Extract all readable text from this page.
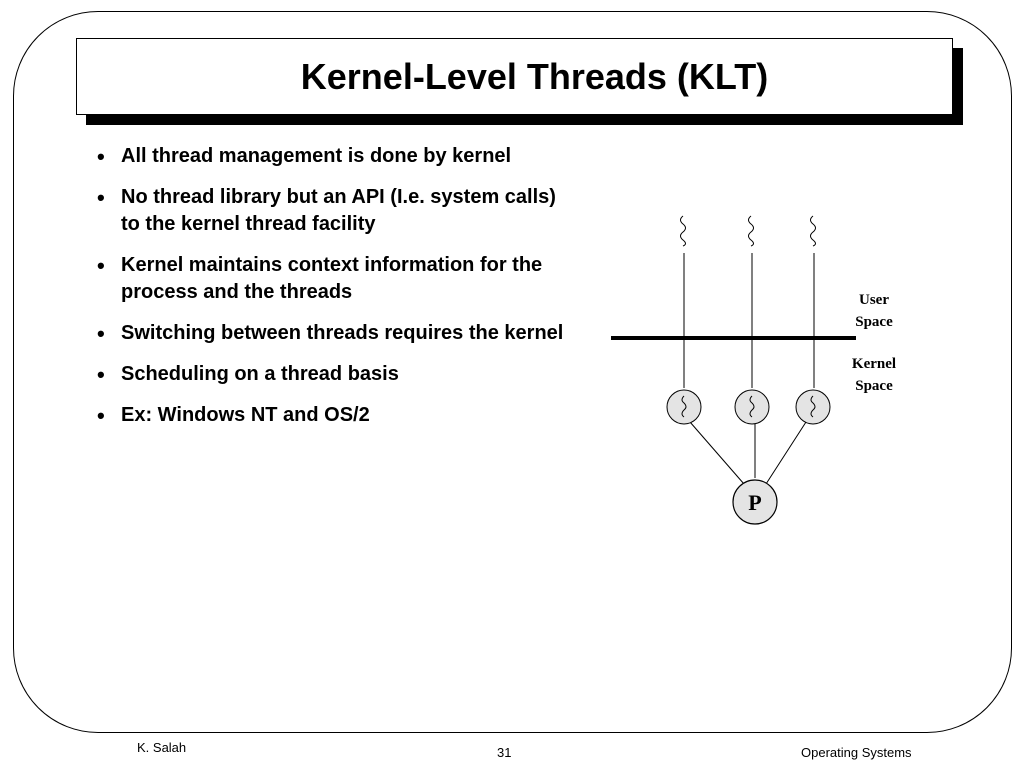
Kernel-Level Threads (KLT)
• All thread management is done by kernel
• No thread library but an API (I.e. system calls) to the kernel thread facility
• Kernel maintains context information for the process and the threads
• Switching between threads requires the kernel
• Scheduling on a thread basis
• Ex: Windows NT and OS/2
P
User
Space
Kernel
Space
K. Salah	31	Operating Systems
